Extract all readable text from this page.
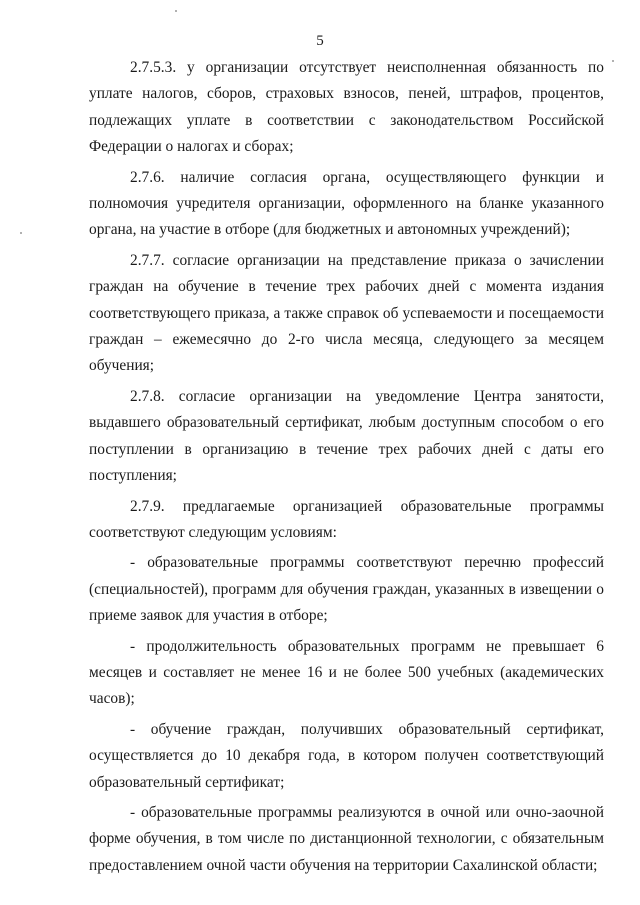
5

2.7.5.3. у организации отсутствует неисполненная обязанность по уплате налогов, сборов, страховых взносов, пеней, штрафов, процентов, подлежащих уплате в соответствии с законодательством Российской Федерации о налогах и сборах;

2.7.6. наличие согласия органа, осуществляющего функции и полномочия учредителя организации, оформленного на бланке указанного органа, на участие в отборе (для бюджетных и автономных учреждений);

2.7.7. согласие организации на представление приказа о зачислении граждан на обучение в течение трех рабочих дней с момента издания соответствующего приказа, а также справок об успеваемости и посещаемости граждан – ежемесячно до 2-го числа месяца, следующего за месяцем обучения;

2.7.8. согласие организации на уведомление Центра занятости, выдавшего образовательный сертификат, любым доступным способом о его поступлении в организацию в течение трех рабочих дней с даты его поступления;

2.7.9. предлагаемые организацией образовательные программы соответствуют следующим условиям:

- образовательные программы соответствуют перечню профессий (специальностей), программ для обучения граждан, указанных в извещении о приеме заявок для участия в отборе;

- продолжительность образовательных программ не превышает 6 месяцев и составляет не менее 16 и не более 500 учебных (академических часов);

- обучение граждан, получивших образовательный сертификат, осуществляется до 10 декабря года, в котором получен соответствующий образовательный сертификат;

- образовательные программы реализуются в очной или очно-заочной форме обучения, в том числе по дистанционной технологии, с обязательным предоставлением очной части обучения на территории Сахалинской области;
